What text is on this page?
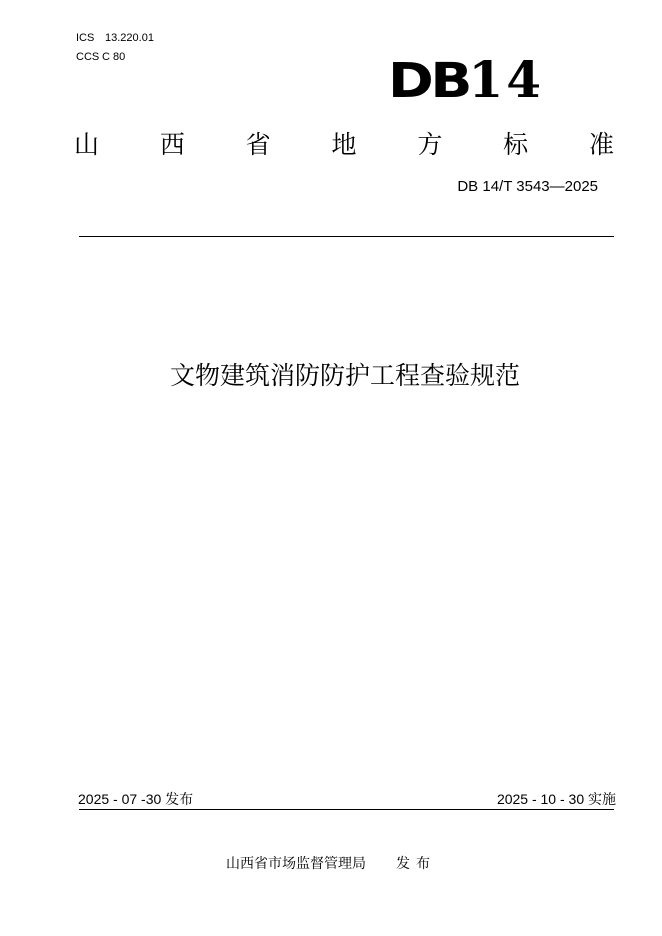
ICS 13.220.01
CCS C 80	DB14
山 西 省 地 方 标 准
DB 14/T 3543—2025
文物建筑消防防护工程查验规范
2025 - 07 -30 发布	2025 - 10 - 30 实施
山西省市场监督管理局 发布
